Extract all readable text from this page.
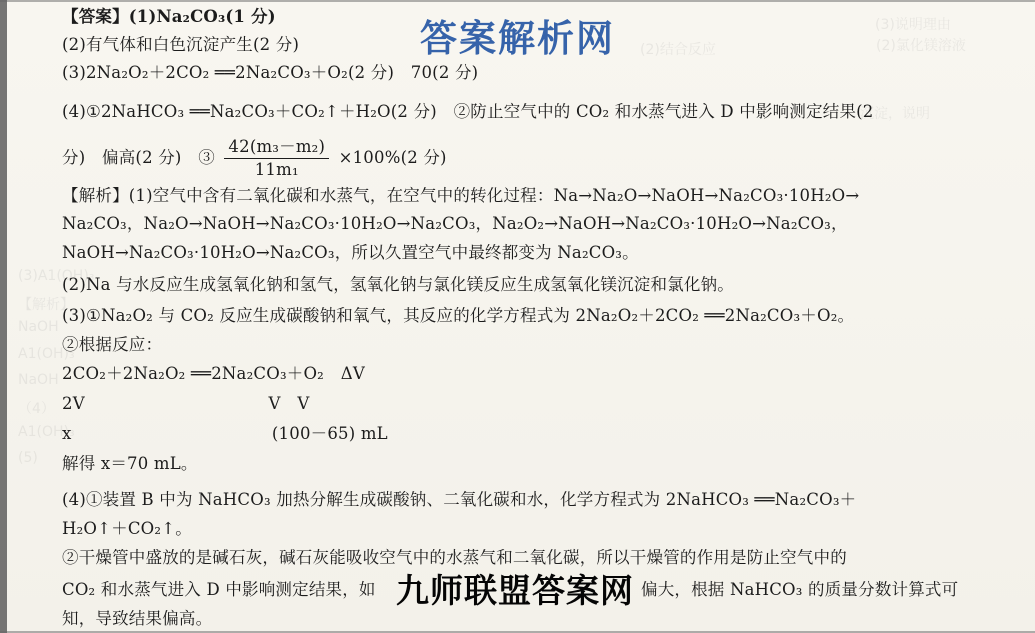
(3)说明理由
(2)氯化镁溶液
(2)结合反应
沉淀，说明
(3)A1(OH)₃
【解析】
NaOH
A1(OH)₃
NaOH
（4）
A1(OH)₃
(5)
答案解析网
【答案】(1)Na₂CO₃(1 分)
(2)有气体和白色沉淀产生(2 分)
(3)2Na₂O₂＋2CO₂ ══2Na₂CO₃＋O₂(2 分)　70(2 分)
(4)①2NaHCO₃ ══Na₂CO₃＋CO₂↑＋H₂O(2 分)　②防止空气中的 CO₂ 和水蒸气进入 D 中影响测定结果(2
分)　偏高(2 分)　③ $\frac{\text{42(m₃－m₂)}}{\text{11m₁}} \times 100\%(2$ 分)
【解析】(1)空气中含有二氧化碳和水蒸气，在空气中的转化过程：Na→Na₂O→NaOH→Na₂CO₃·10H₂O→
Na₂CO₃，Na₂O→NaOH→Na₂CO₃·10H₂O→Na₂CO₃，Na₂O₂→NaOH→Na₂CO₃·10H₂O→Na₂CO₃，
NaOH→Na₂CO₃·10H₂O→Na₂CO₃，所以久置空气中最终都变为 Na₂CO₃。
(2)Na 与水反应生成氢氧化钠和氢气，氢氧化钠与氯化镁反应生成氢氧化镁沉淀和氯化钠。
(3)①Na₂O₂ 与 CO₂ 反应生成碳酸钠和氧气，其反应的化学方程式为 2Na₂O₂＋2CO₂ ══2Na₂CO₃＋O₂。
②根据反应：
2CO₂＋2Na₂O₂ ══2Na₂CO₃＋O₂　ΔV
2V　　　　　　　　　　　V　V
x　　　　　　　　　　　　(100－65) mL
解得 x＝70 mL。
(4)①装置 B 中为 NaHCO₃ 加热分解生成碳酸钠、二氧化碳和水，化学方程式为 2NaHCO₃ ══Na₂CO₃＋
H₂O↑＋CO₂↑。
②干燥管中盛放的是碱石灰，碱石灰能吸收空气中的水蒸气和二氧化碳，所以干燥管的作用是防止空气中的
CO₂ 和水蒸气进入 D 中影响测定结果，如	偏大，根据 NaHCO₃ 的质量分数计算式可
知，导致结果偏高。
九师联盟答案网
